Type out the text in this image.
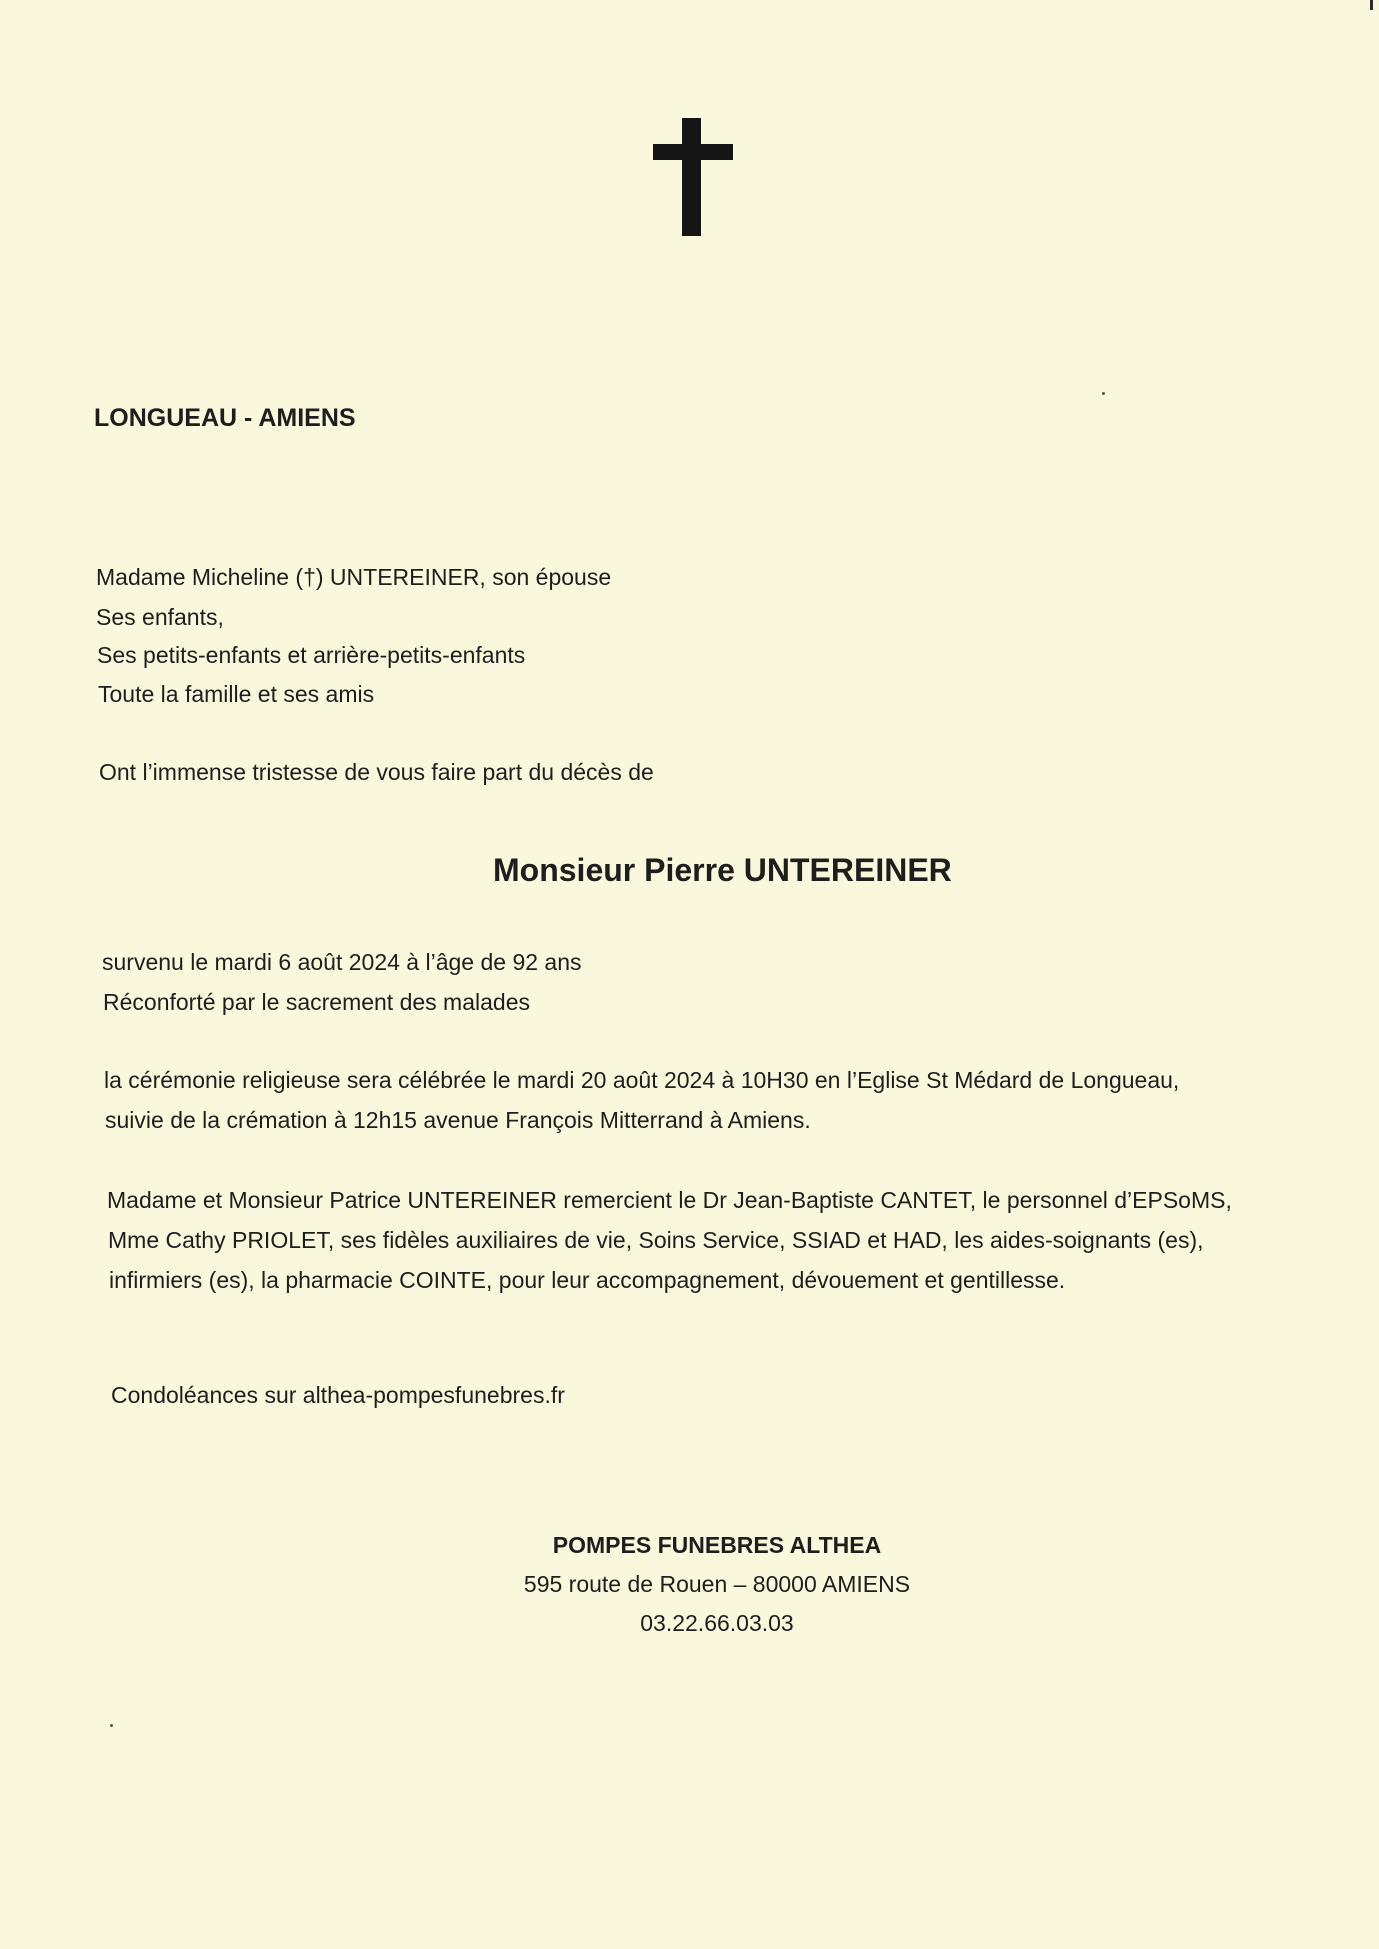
LONGUEAU - AMIENS
Madame Micheline (†) UNTEREINER, son épouse
Ses enfants,
Ses petits-enfants et arrière-petits-enfants
Toute la famille et ses amis
Ont l’immense tristesse de vous faire part du décès de
Monsieur Pierre UNTEREINER
survenu le mardi 6 août 2024 à l’âge de 92 ans
Réconforté par le sacrement des malades
la cérémonie religieuse sera célébrée le mardi 20 août 2024 à 10H30 en l’Eglise St Médard de Longueau,
suivie de la crémation à 12h15 avenue François Mitterrand à Amiens.
Madame et Monsieur Patrice UNTEREINER remercient le Dr Jean-Baptiste CANTET, le personnel d’EPSoMS,
Mme Cathy PRIOLET, ses fidèles auxiliaires de vie, Soins Service, SSIAD et HAD, les aides-soignants (es),
infirmiers (es), la pharmacie COINTE, pour leur accompagnement, dévouement et gentillesse.
Condoléances sur althea-pompesfunebres.fr
POMPES FUNEBRES ALTHEA
595 route de Rouen – 80000 AMIENS
03.22.66.03.03
